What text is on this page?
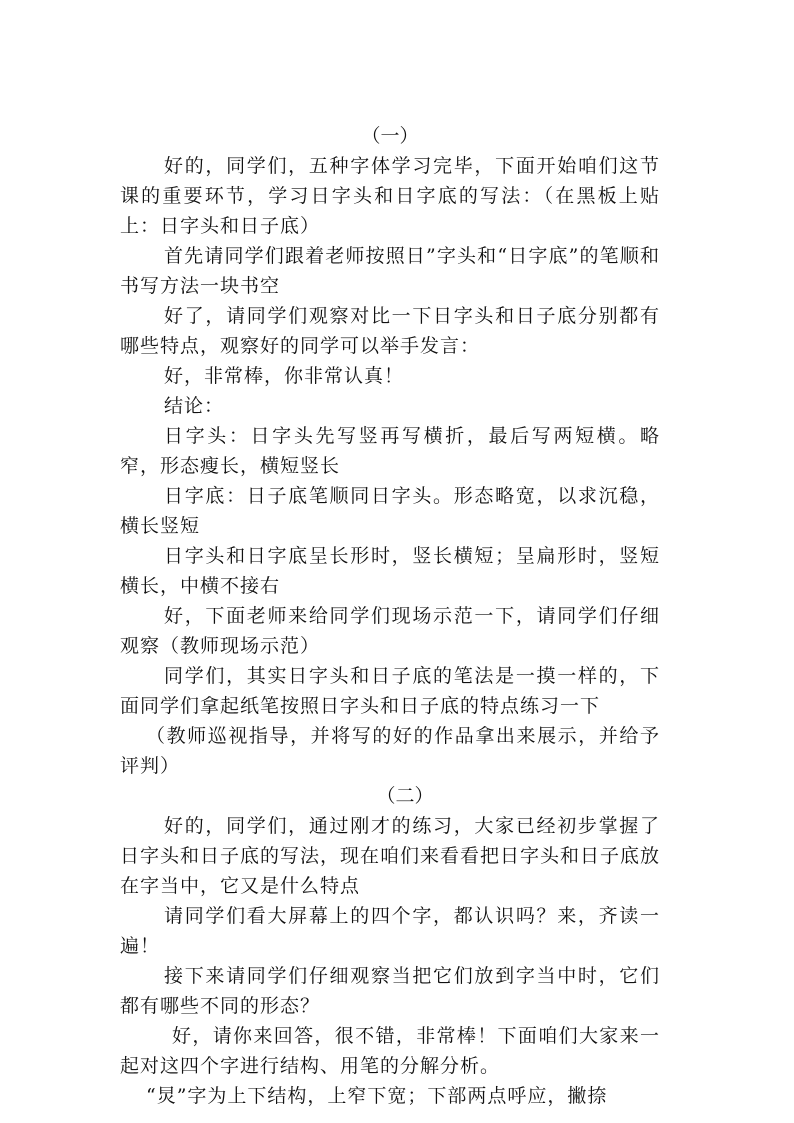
（一）

好的，同学们，五种字体学习完毕，下面开始咱们这节课的重要环节，学习日字头和日字底的写法：（在黑板上贴上：日字头和日子底）

首先请同学们跟着老师按照日”字头和“日字底”的笔顺和书写方法一块书空

好了，请同学们观察对比一下日字头和日子底分别都有哪些特点，观察好的同学可以举手发言：

好，非常棒，你非常认真！

结论：

日字头：日字头先写竖再写横折，最后写两短横。略窄，形态瘦长，横短竖长

日字底：日子底笔顺同日字头。形态略宽，以求沉稳，横长竖短

日字头和日字底呈长形时，竖长横短；呈扁形时，竖短横长，中横不接右

好，下面老师来给同学们现场示范一下，请同学们仔细观察（教师现场示范）

同学们，其实日字头和日子底的笔法是一摸一样的，下面同学们拿起纸笔按照日字头和日子底的特点练习一下

（教师巡视指导，并将写的好的作品拿出来展示，并给予评判）

（二）

好的，同学们，通过刚才的练习，大家已经初步掌握了日字头和日子底的写法，现在咱们来看看把日字头和日子底放在字当中，它又是什么特点

请同学们看大屏幕上的四个字，都认识吗？来，齐读一遍！

接下来请同学们仔细观察当把它们放到字当中时，它们都有哪些不同的形态？

好，请你来回答，很不错，非常棒！下面咱们大家来一起对这四个字进行结构、用笔的分解分析。

“炅”字为上下结构，上窄下宽；下部两点呼应，撇捺
